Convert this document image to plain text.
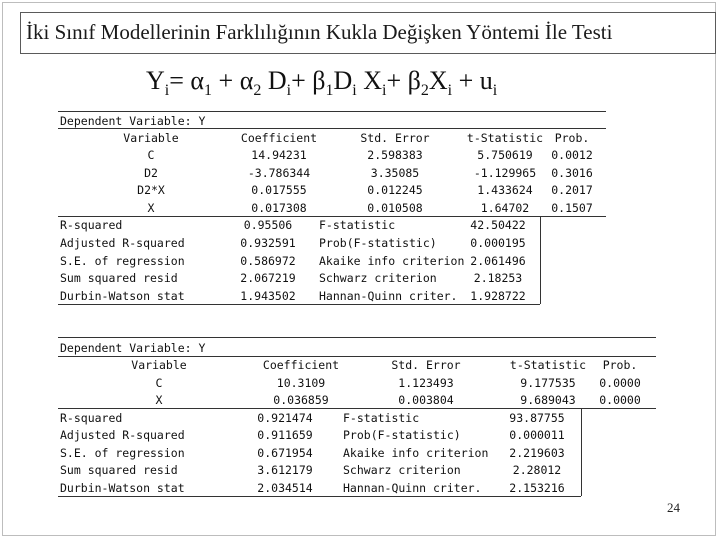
İki Sınıf Modellerinin Farklılığının Kukla Değişken Yöntemi İle Testi
$Y_i= \alpha_1 + \alpha_2$ $D_i+ \beta_1D_i$ $X_i+ \beta_2X_i + u_i$
Dependent Variable: Y
Variable	Coefficient	Std. Error	t-Statistic Prob.
C	14.94231	2.598383	5.750619 0.0012
D2	-3.786344	3.35085	-1.129965 0.3016
D2*X	0.017555	0.012245	1.433624 0.2017
X	0.017308	0.010508	1.64702 0.1507
R-squared	0.95506 F-statistic	42.50422
Adjusted R-squared	0.932591 Prob(F-statistic)	0.000195
S.E. of regression	0.586972 Akaike info criterion 2.061496
Sum squared resid	2.067219 Schwarz criterion	2.18253
Durbin-Watson stat	1.943502 Hannan-Quinn criter. 1.928722
Dependent Variable: Y
Variable	Coefficient	Std. Error	t-Statistic Prob.
C	10.3109	1.123493	9.177535 0.0000
X	0.036859	0.003804	9.689043 0.0000
R-squared	0.921474	F-statistic	93.87755
Adjusted R-squared	0.911659	Prob(F-statistic)	0.000011
S.E. of regression	0.671954	Akaike info criterion 2.219603
Sum squared resid	3.612179	Schwarz criterion	2.28012
Durbin-Watson stat	2.034514	Hannan-Quinn criter. 2.153216
24
